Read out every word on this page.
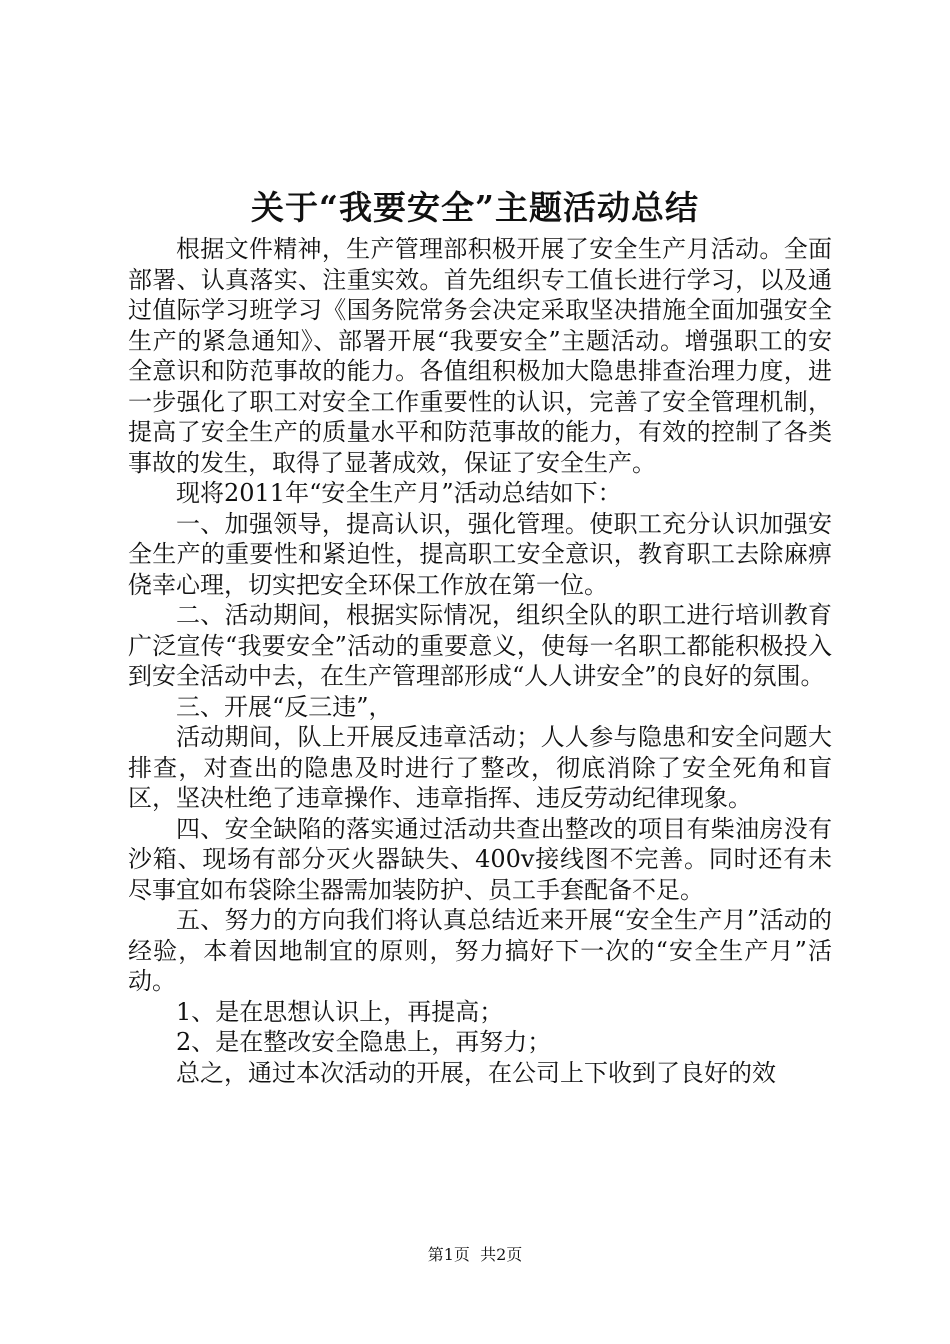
关于“我要安全”主题活动总结

根据文件精神，生产管理部积极开展了安全生产月活动。全面部署、认真落实、注重实效。首先组织专工值长进行学习，以及通过值际学习班学习《国务院常务会决定采取坚决措施全面加强安全生产的紧急通知》、部署开展“我要安全”主题活动。增强职工的安全意识和防范事故的能力。各值组积极加大隐患排查治理力度，进一步强化了职工对安全工作重要性的认识，完善了安全管理机制，提高了安全生产的质量水平和防范事故的能力，有效的控制了各类事故的发生，取得了显著成效，保证了安全生产。

现将2011年“安全生产月”活动总结如下：

一、加强领导，提高认识，强化管理。使职工充分认识加强安全生产的重要性和紧迫性，提高职工安全意识，教育职工去除麻痹侥幸心理，切实把安全环保工作放在第一位。

二、活动期间，根据实际情况，组织全队的职工进行培训教育广泛宣传“我要安全”活动的重要意义，使每一名职工都能积极投入到安全活动中去，在生产管理部形成“人人讲安全”的良好的氛围。

三、开展“反三违”，

活动期间，队上开展反违章活动；人人参与隐患和安全问题大排查，对查出的隐患及时进行了整改，彻底消除了安全死角和盲区，坚决杜绝了违章操作、违章指挥、违反劳动纪律现象。

四、安全缺陷的落实通过活动共查出整改的项目有柴油房没有沙箱、现场有部分灭火器缺失、400v接线图不完善。同时还有未尽事宜如布袋除尘器需加装防护、员工手套配备不足。

五、努力的方向我们将认真总结近来开展“安全生产月”活动的经验，本着因地制宜的原则，努力搞好下一次的“安全生产月”活动。

1、是在思想认识上，再提高；

2、是在整改安全隐患上，再努力；

总之，通过本次活动的开展，在公司上下收到了良好的效

第1页 共2页
